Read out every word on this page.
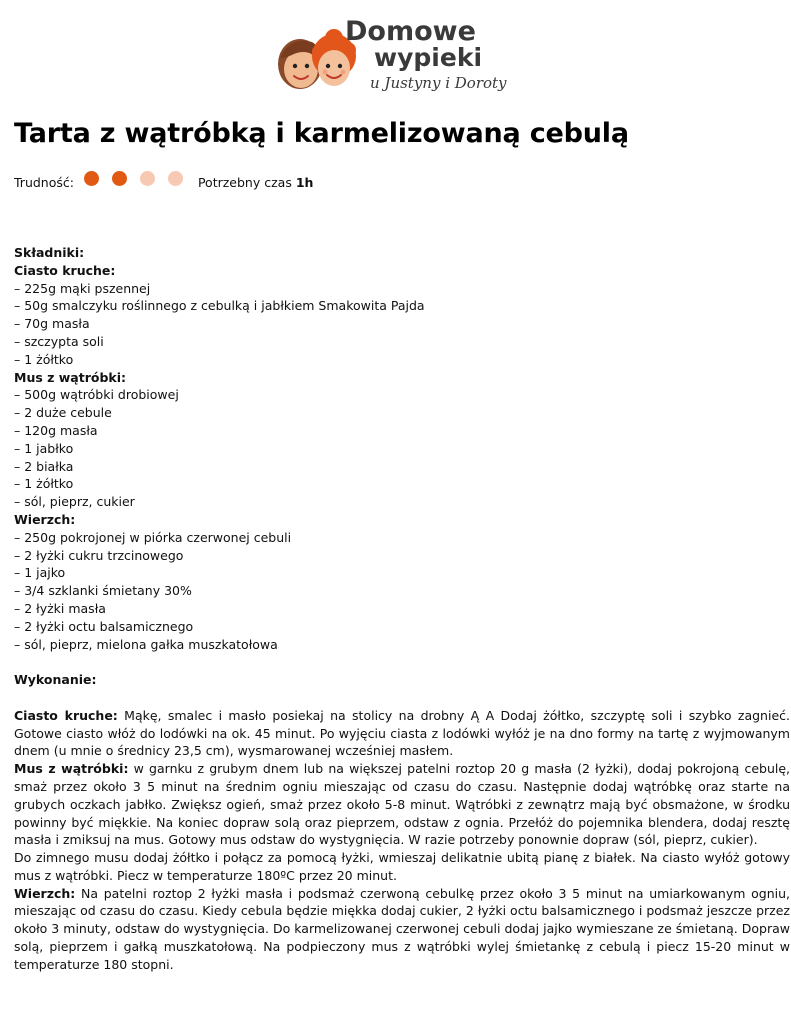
Domowe
wypieki
u Justyny i Doroty
Tarta z wątróbką i karmelizowaną cebulą
Trudność:	Potrzebny czas 1h
Składniki:
Ciasto kruche:
– 225g mąki pszennej
– 50g smalczyku roślinnego z cebulką i jabłkiem Smakowita Pajda
– 70g masła
– szczypta soli
– 1 żółtko
Mus z wątróbki:
– 500g wątróbki drobiowej
– 2 duże cebule
– 120g masła
– 1 jabłko
– 2 białka
– 1 żółtko
– sól, pieprz, cukier
Wierzch:
– 250g pokrojonej w piórka czerwonej cebuli
– 2 łyżki cukru trzcinowego
– 1 jajko
– 3/4 szklanki śmietany 30%
– 2 łyżki masła
– 2 łyżki octu balsamicznego
– sól, pieprz, mielona gałka muszkatołowa
Wykonanie:
Ciasto kruche: Mąkę, smalec i masło posiekaj na stolicy na drobny Ą A Dodaj żółtko, szczyptę soli i szybko zagnieć. Gotowe ciasto włóż do lodówki na ok. 45 minut. Po wyjęciu ciasta z lodówki wyłóż je na dno formy na tartę z wyjmowanym dnem (u mnie o średnicy 23,5 cm), wysmarowanej wcześniej masłem.
Mus z wątróbki: w garnku z grubym dnem lub na większej patelni roztop 20 g masła (2 łyżki), dodaj pokrojoną cebulę, smaż przez około 3 5 minut na średnim ogniu mieszając od czasu do czasu. Następnie dodaj wątróbkę oraz starte na grubych oczkach jabłko. Zwiększ ogień, smaż przez około 5-8 minut. Wątróbki z zewnątrz mają być obsmażone, w środku powinny być miękkie. Na koniec dopraw solą oraz pieprzem, odstaw z ognia. Przełóż do pojemnika blendera, dodaj resztę masła i zmiksuj na mus. Gotowy mus odstaw do wystygnięcia. W razie potrzeby ponownie dopraw (sól, pieprz, cukier).
Do zimnego musu dodaj żółtko i połącz za pomocą łyżki, wmieszaj delikatnie ubitą pianę z białek. Na ciasto wyłóż gotowy mus z wątróbki. Piecz w temperaturze 180ºC przez 20 minut.
Wierzch: Na patelni roztop 2 łyżki masła i podsmaż czerwoną cebulkę przez około 3 5 minut na umiarkowanym ogniu, mieszając od czasu do czasu. Kiedy cebula będzie miękka dodaj cukier, 2 łyżki octu balsamicznego i podsmaż jeszcze przez około 3 minuty, odstaw do wystygnięcia. Do karmelizowanej czerwonej cebuli dodaj jajko wymieszane ze śmietaną. Dopraw solą, pieprzem i gałką muszkatołową. Na podpieczony mus z wątróbki wylej śmietankę z cebulą i piecz 15-20 minut w temperaturze 180 stopni.
